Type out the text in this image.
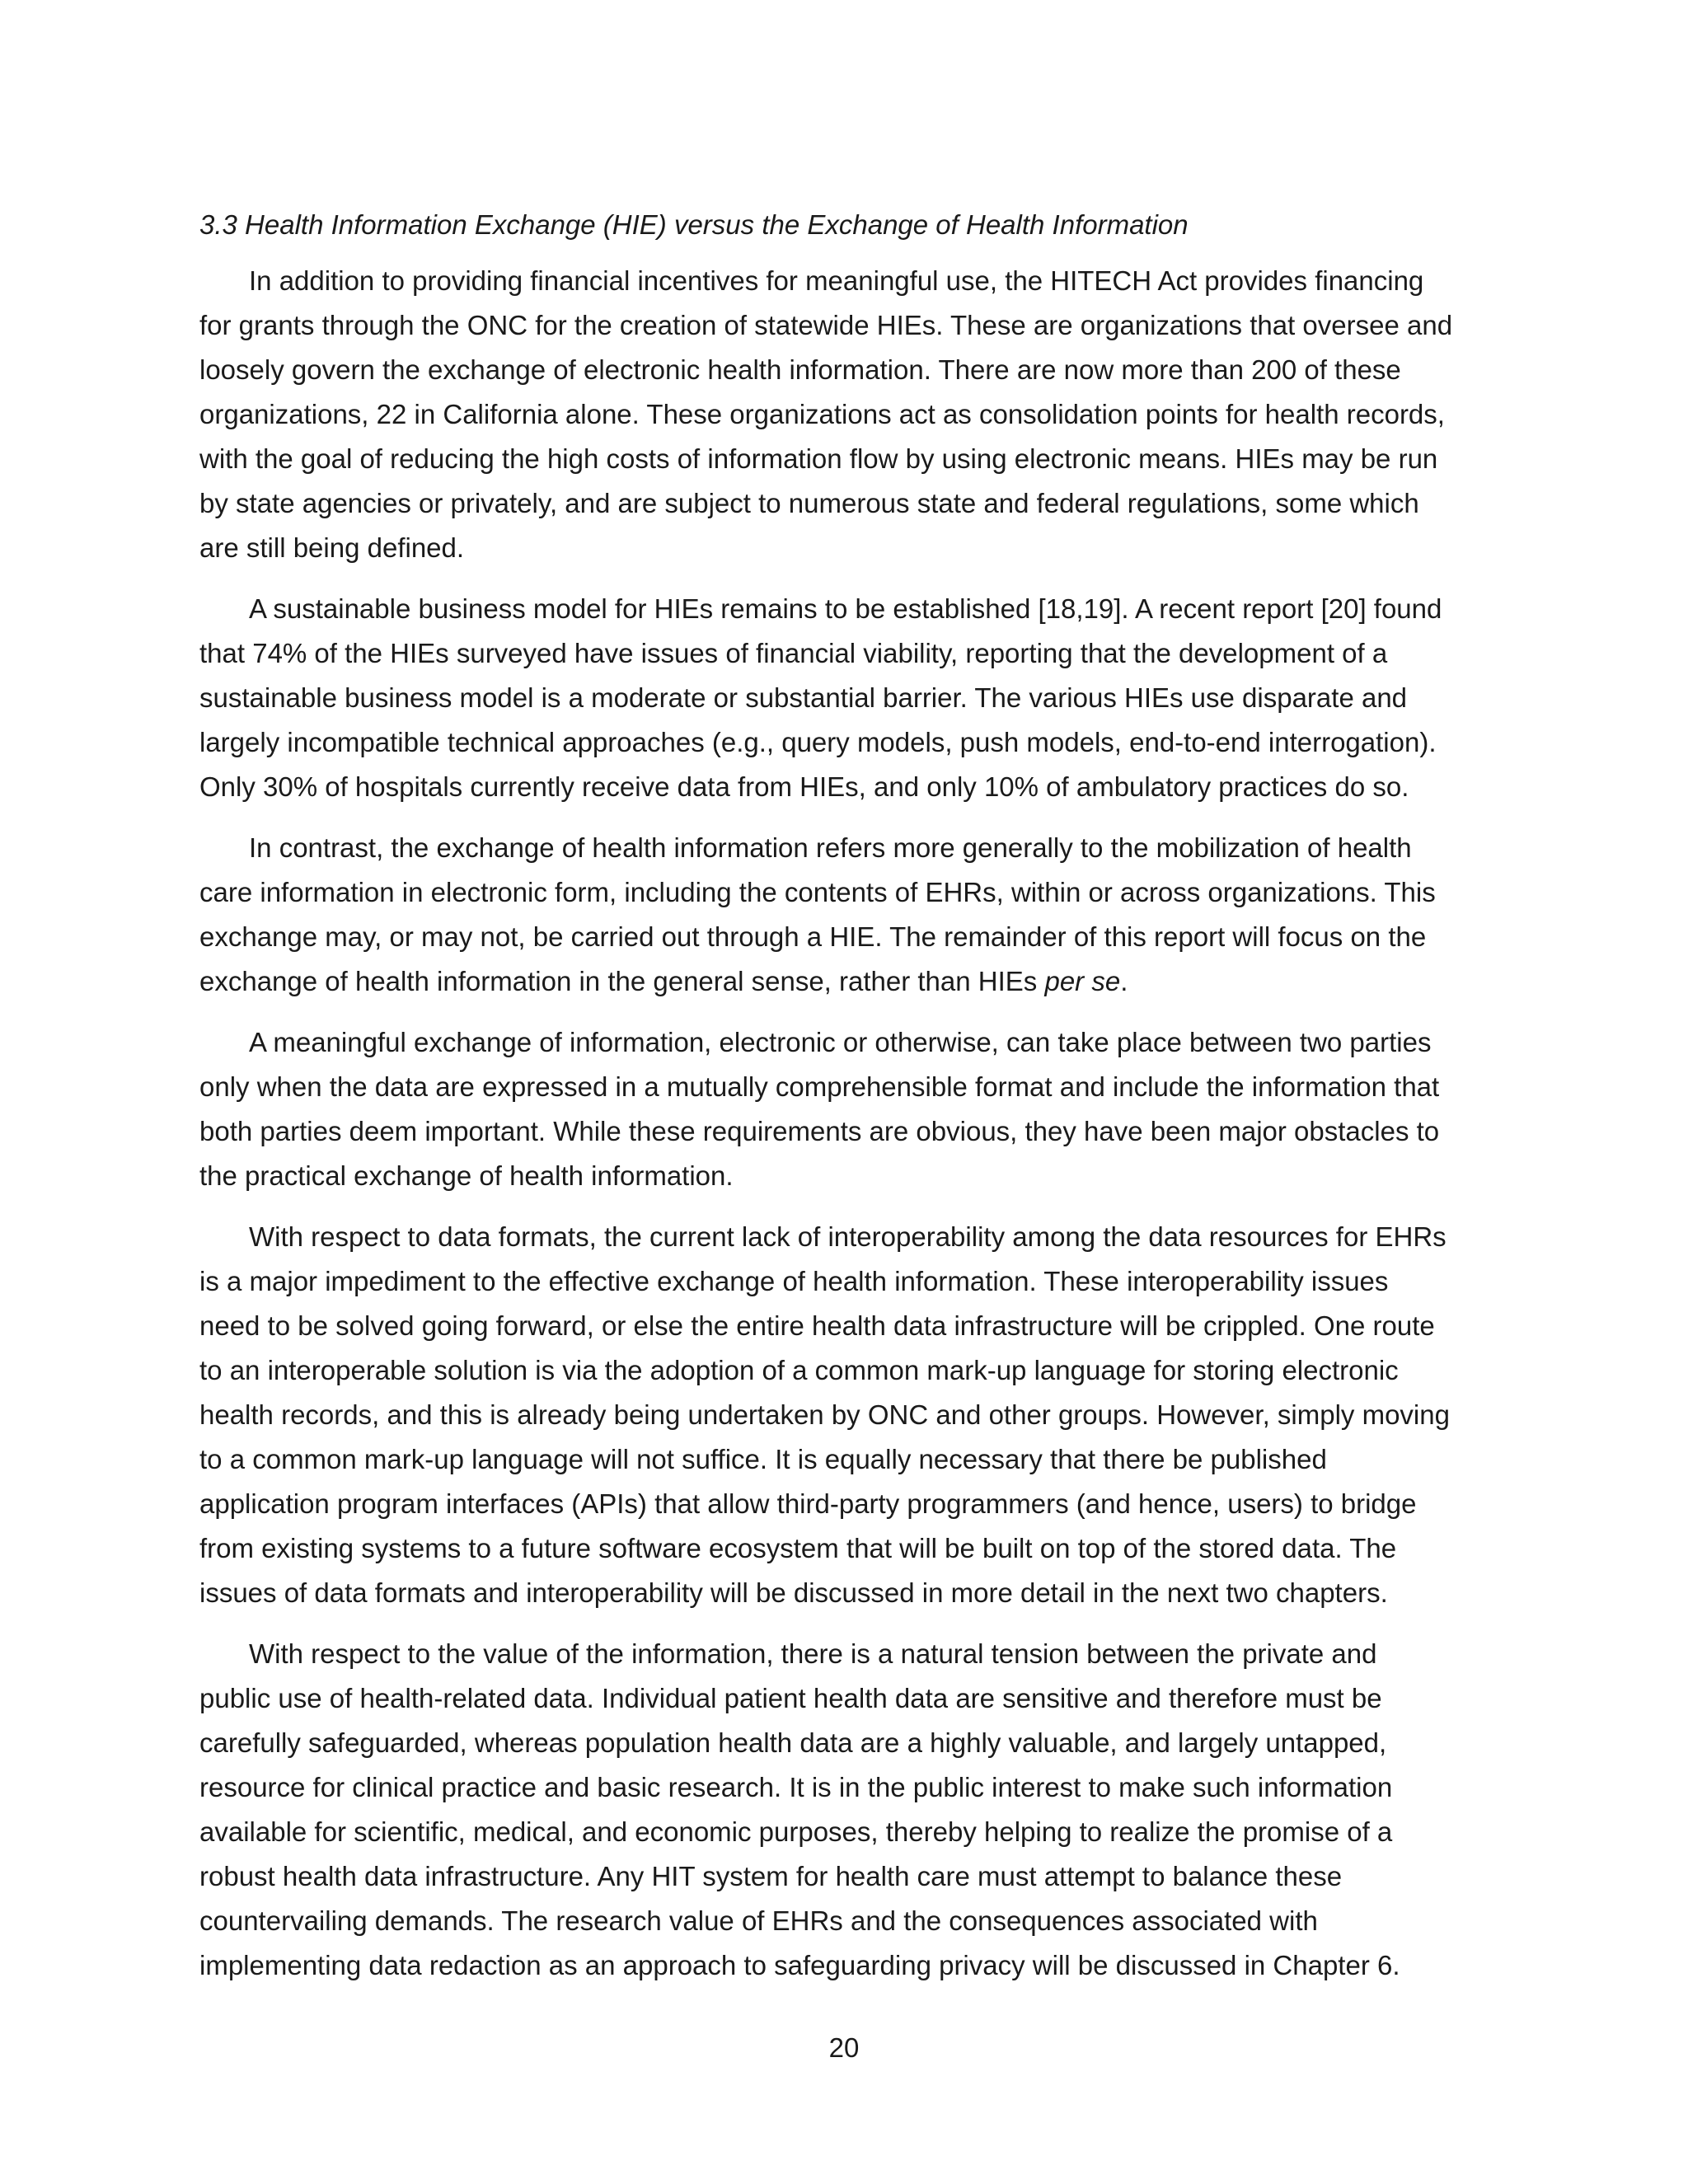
3.3 Health Information Exchange (HIE) versus the Exchange of Health Information
In addition to providing financial incentives for meaningful use, the HITECH Act provides financing
for grants through the ONC for the creation of statewide HIEs. These are organizations that oversee and
loosely govern the exchange of electronic health information. There are now more than 200 of these
organizations, 22 in California alone. These organizations act as consolidation points for health records,
with the goal of reducing the high costs of information flow by using electronic means. HIEs may be run
by state agencies or privately, and are subject to numerous state and federal regulations, some which
are still being defined.
A sustainable business model for HIEs remains to be established [18,19]. A recent report [20] found
that 74% of the HIEs surveyed have issues of financial viability, reporting that the development of a
sustainable business model is a moderate or substantial barrier. The various HIEs use disparate and
largely incompatible technical approaches (e.g., query models, push models, end-to-end interrogation).
Only 30% of hospitals currently receive data from HIEs, and only 10% of ambulatory practices do so.
In contrast, the exchange of health information refers more generally to the mobilization of health
care information in electronic form, including the contents of EHRs, within or across organizations. This
exchange may, or may not, be carried out through a HIE. The remainder of this report will focus on the
exchange of health information in the general sense, rather than HIEs per se.
A meaningful exchange of information, electronic or otherwise, can take place between two parties
only when the data are expressed in a mutually comprehensible format and include the information that
both parties deem important. While these requirements are obvious, they have been major obstacles to
the practical exchange of health information.
With respect to data formats, the current lack of interoperability among the data resources for EHRs
is a major impediment to the effective exchange of health information. These interoperability issues
need to be solved going forward, or else the entire health data infrastructure will be crippled. One route
to an interoperable solution is via the adoption of a common mark-up language for storing electronic
health records, and this is already being undertaken by ONC and other groups. However, simply moving
to a common mark-up language will not suffice. It is equally necessary that there be published
application program interfaces (APIs) that allow third-party programmers (and hence, users) to bridge
from existing systems to a future software ecosystem that will be built on top of the stored data. The
issues of data formats and interoperability will be discussed in more detail in the next two chapters.
With respect to the value of the information, there is a natural tension between the private and
public use of health-related data. Individual patient health data are sensitive and therefore must be
carefully safeguarded, whereas population health data are a highly valuable, and largely untapped,
resource for clinical practice and basic research. It is in the public interest to make such information
available for scientific, medical, and economic purposes, thereby helping to realize the promise of a
robust health data infrastructure. Any HIT system for health care must attempt to balance these
countervailing demands. The research value of EHRs and the consequences associated with
implementing data redaction as an approach to safeguarding privacy will be discussed in Chapter 6.
20
